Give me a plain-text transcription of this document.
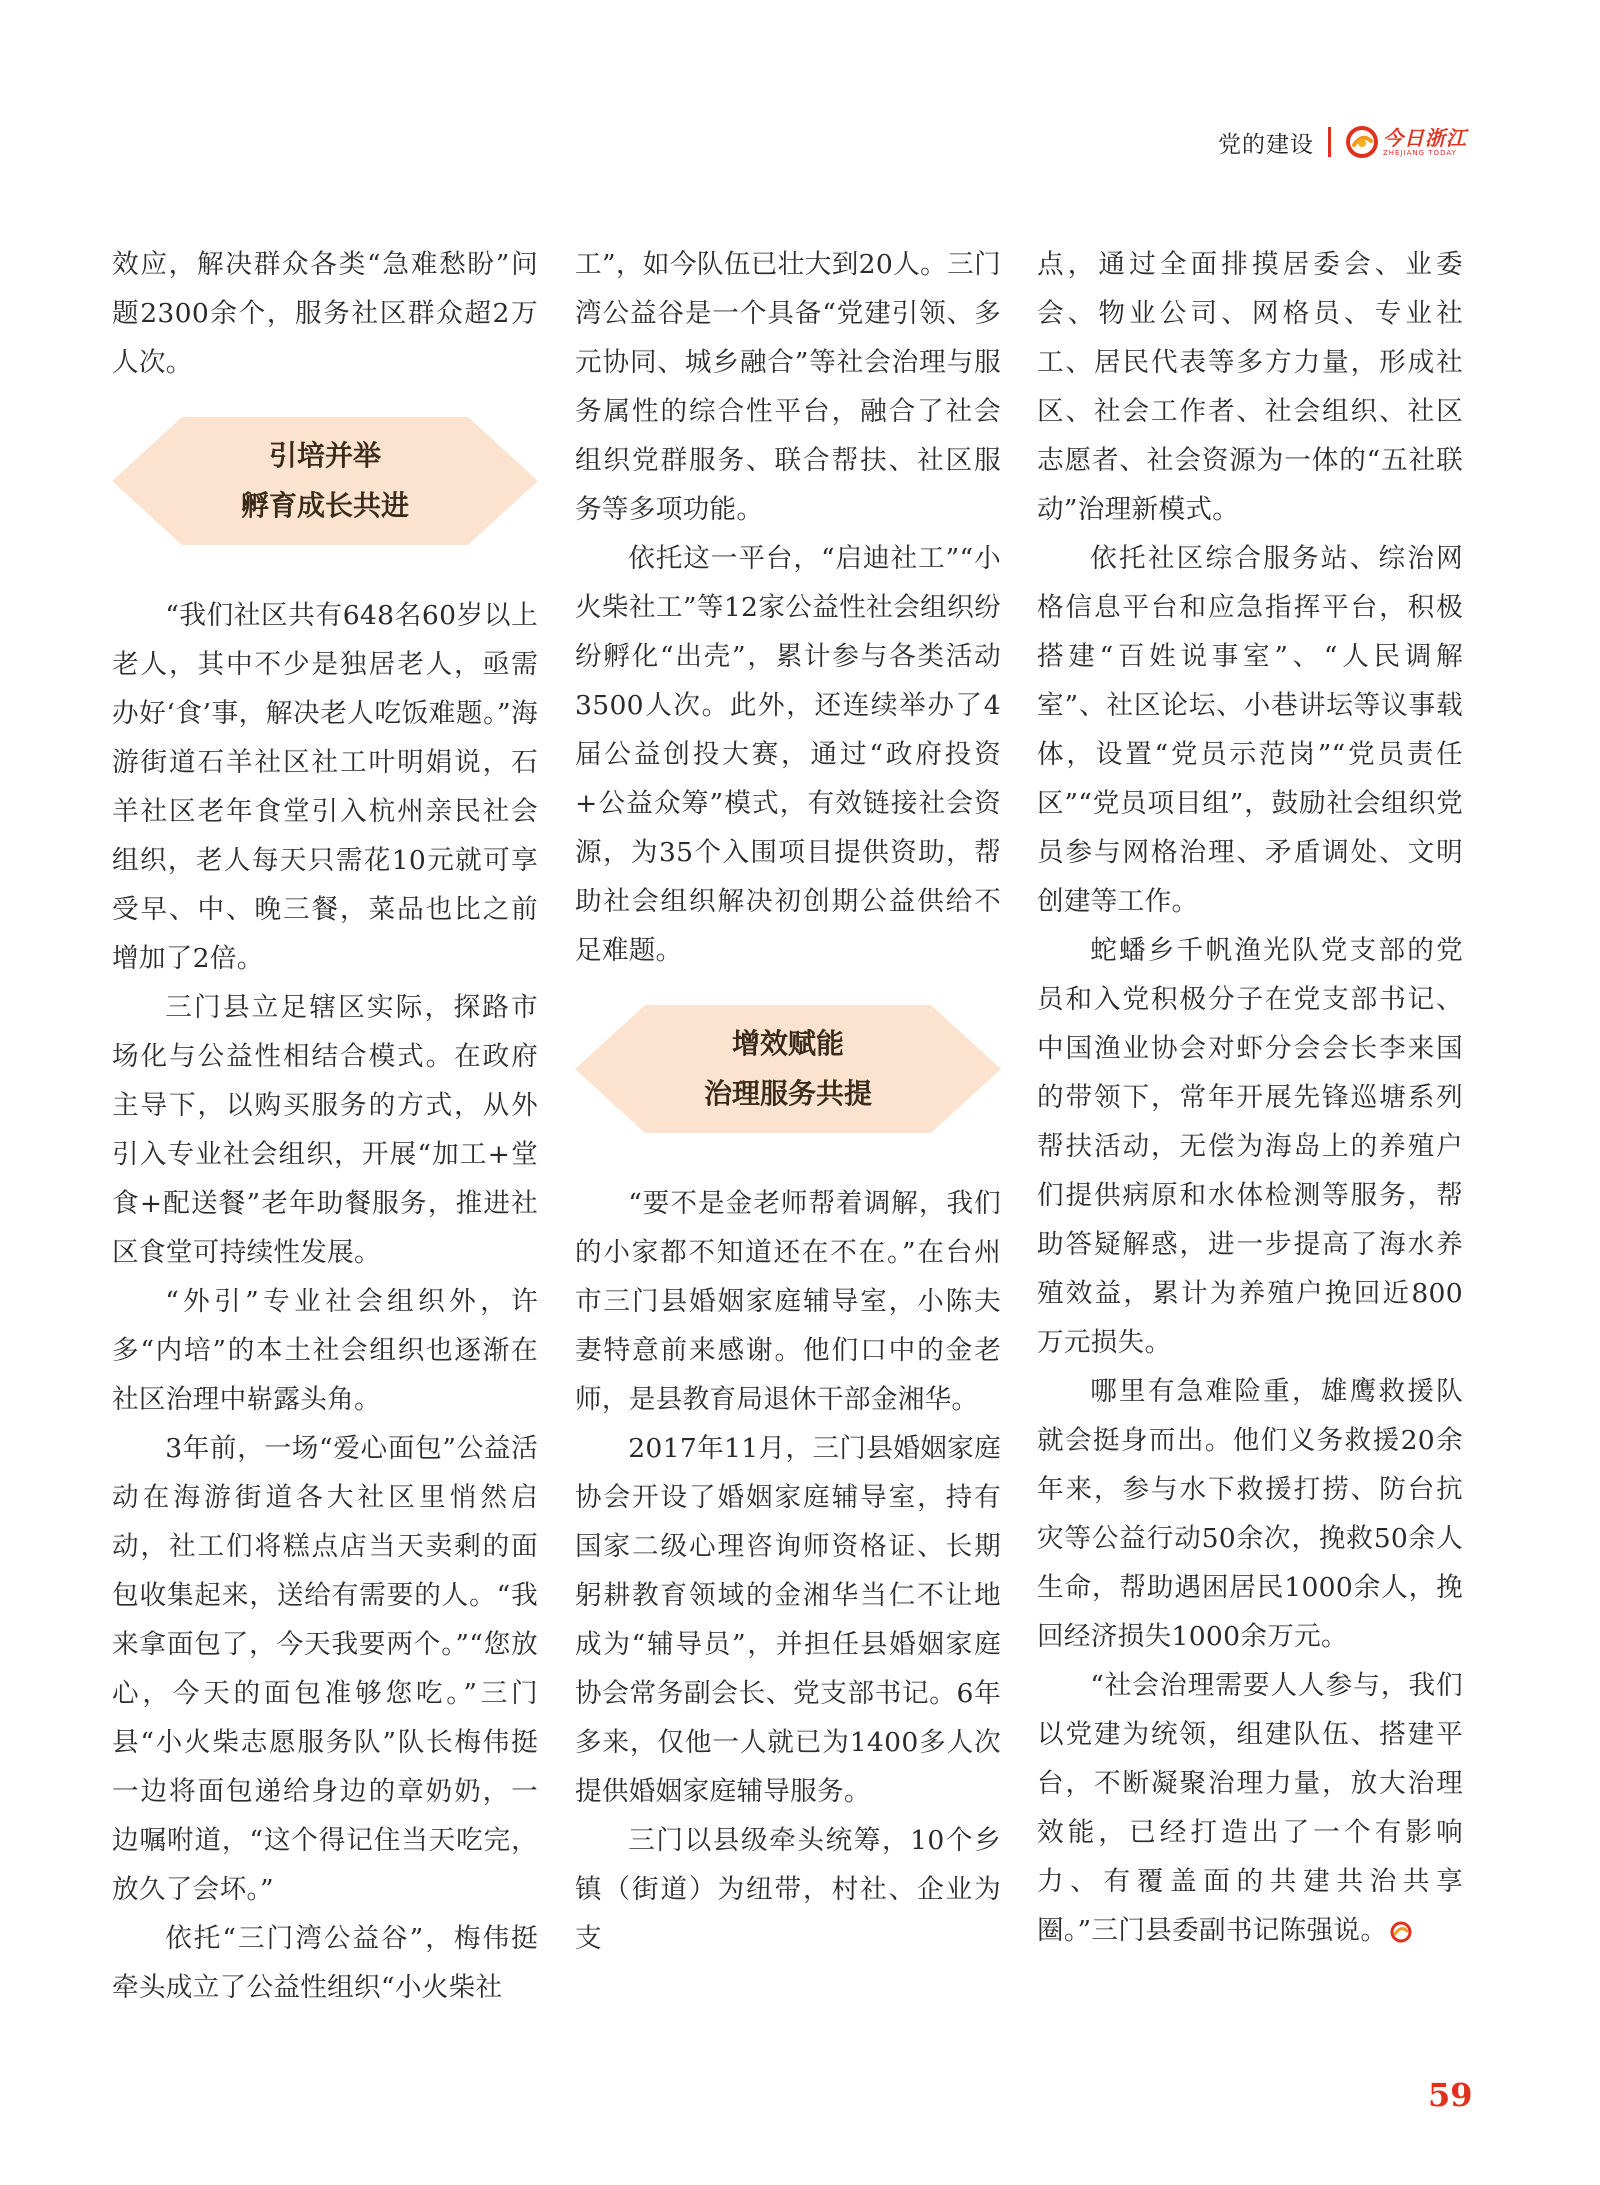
党的建设	今日浙江
ZHEJIANG TODAY

效应，解决群众各类“急难愁盼”问题2300余个，服务社区群众超2万人次。

引培并举
孵育成长共进

“我们社区共有648名60岁以上老人，其中不少是独居老人，亟需办好‘食’事，解决老人吃饭难题。”海游街道石羊社区社工叶明娟说，石羊社区老年食堂引入杭州亲民社会组织，老人每天只需花10元就可享受早、中、晚三餐，菜品也比之前增加了2倍。

三门县立足辖区实际，探路市场化与公益性相结合模式。在政府主导下，以购买服务的方式，从外引入专业社会组织，开展“加工+堂食+配送餐”老年助餐服务，推进社区食堂可持续性发展。

“外引”专业社会组织外，许多“内培”的本土社会组织也逐渐在社区治理中崭露头角。

3年前，一场“爱心面包”公益活动在海游街道各大社区里悄然启动，社工们将糕点店当天卖剩的面包收集起来，送给有需要的人。“我来拿面包了，今天我要两个。”“您放心，今天的面包准够您吃。”三门县“小火柴志愿服务队”队长梅伟挺一边将面包递给身边的章奶奶，一边嘱咐道，“这个得记住当天吃完，放久了会坏。”

依托“三门湾公益谷”，梅伟挺牵头成立了公益性组织“小火柴社

工”，如今队伍已壮大到20人。三门湾公益谷是一个具备“党建引领、多元协同、城乡融合”等社会治理与服务属性的综合性平台，融合了社会组织党群服务、联合帮扶、社区服务等多项功能。

依托这一平台，“启迪社工”“小火柴社工”等12家公益性社会组织纷纷孵化“出壳”，累计参与各类活动3500人次。此外，还连续举办了4届公益创投大赛，通过“政府投资+公益众筹”模式，有效链接社会资源，为35个入围项目提供资助，帮助社会组织解决初创期公益供给不足难题。

增效赋能
治理服务共提

“要不是金老师帮着调解，我们的小家都不知道还在不在。”在台州市三门县婚姻家庭辅导室，小陈夫妻特意前来感谢。他们口中的金老师，是县教育局退休干部金湘华。

2017年11月，三门县婚姻家庭协会开设了婚姻家庭辅导室，持有国家二级心理咨询师资格证、长期躬耕教育领域的金湘华当仁不让地成为“辅导员”，并担任县婚姻家庭协会常务副会长、党支部书记。6年多来，仅他一人就已为1400多人次提供婚姻家庭辅导服务。

三门以县级牵头统筹，10个乡镇（街道）为纽带，村社、企业为支

点，通过全面排摸居委会、业委会、物业公司、网格员、专业社工、居民代表等多方力量，形成社区、社会工作者、社会组织、社区志愿者、社会资源为一体的“五社联动”治理新模式。

依托社区综合服务站、综治网格信息平台和应急指挥平台，积极搭建“百姓说事室”、“人民调解室”、社区论坛、小巷讲坛等议事载体，设置“党员示范岗”“党员责任区”“党员项目组”，鼓励社会组织党员参与网格治理、矛盾调处、文明创建等工作。

蛇蟠乡千帆渔光队党支部的党员和入党积极分子在党支部书记、中国渔业协会对虾分会会长李来国的带领下，常年开展先锋巡塘系列帮扶活动，无偿为海岛上的养殖户们提供病原和水体检测等服务，帮助答疑解惑，进一步提高了海水养殖效益，累计为养殖户挽回近800万元损失。

哪里有急难险重，雄鹰救援队就会挺身而出。他们义务救援20余年来，参与水下救援打捞、防台抗灾等公益行动50余次，挽救50余人生命，帮助遇困居民1000余人，挽回经济损失1000余万元。

“社会治理需要人人参与，我们以党建为统领，组建队伍、搭建平台，不断凝聚治理力量，放大治理效能，已经打造出了一个有影响力、有覆盖面的共建共治共享圈。”三门县委副书记陈强说。

59
